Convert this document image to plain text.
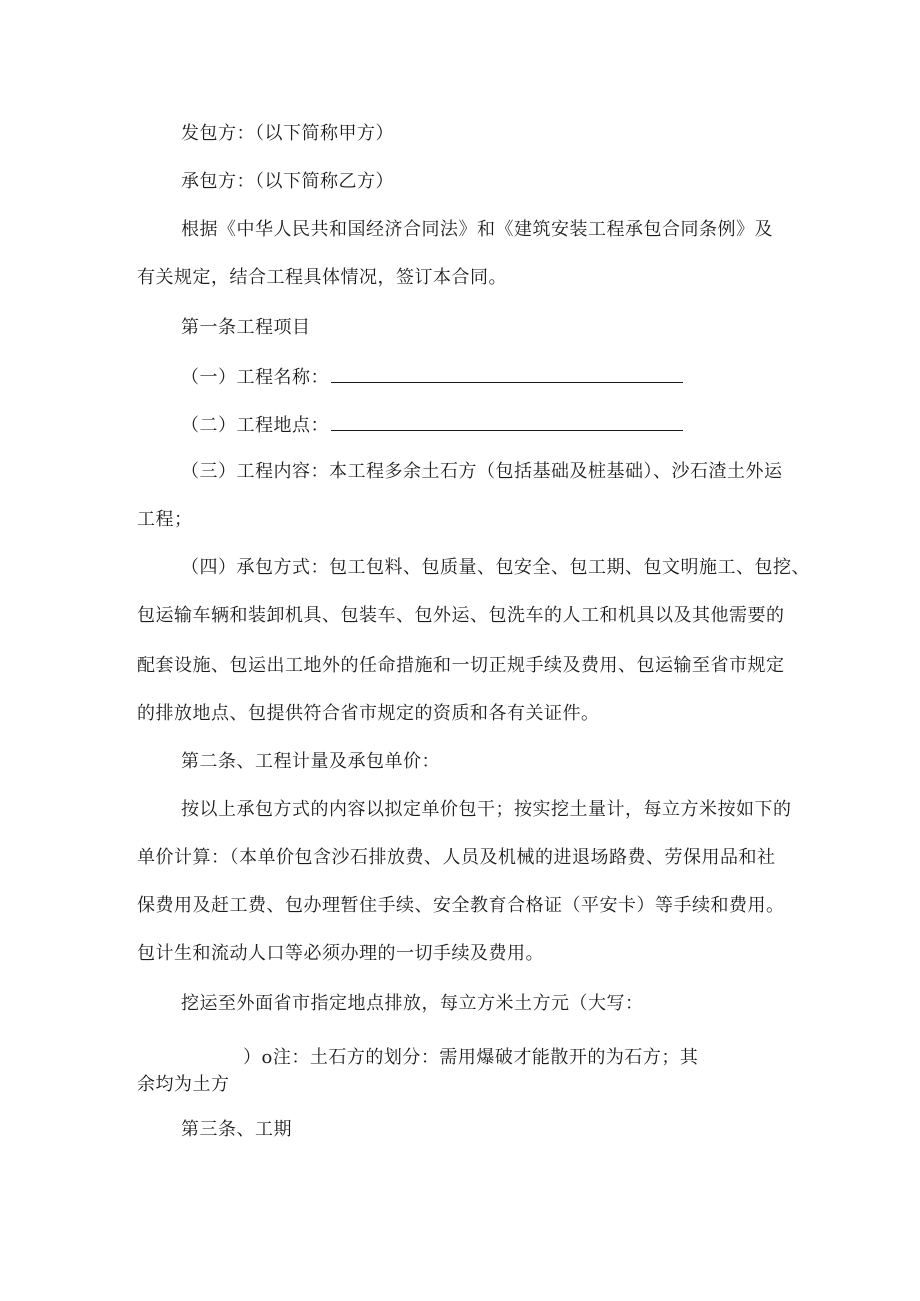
发包方：（以下简称甲方）
承包方：（以下简称乙方）
根据《中华人民共和国经济合同法》和《建筑安装工程承包合同条例》及
有关规定，结合工程具体情况，签订本合同。
第一条工程项目
（一）工程名称：
（二）工程地点：
（三）工程内容：本工程多余土石方（包括基础及桩基础）、沙石渣土外运
工程；
（四）承包方式：包工包料、包质量、包安全、包工期、包文明施工、包挖、
包运输车辆和装卸机具、包装车、包外运、包洗车的人工和机具以及其他需要的
配套设施、包运出工地外的任命措施和一切正规手续及费用、包运输至省市规定
的排放地点、包提供符合省市规定的资质和各有关证件。
第二条、工程计量及承包单价：
按以上承包方式的内容以拟定单价包干；按实挖土量计，每立方米按如下的
单价计算：（本单价包含沙石排放费、人员及机械的进退场路费、劳保用品和社
保费用及赶工费、包办理暂住手续、安全教育合格证（平安卡）等手续和费用。
包计生和流动人口等必须办理的一切手续及费用。
挖运至外面省市指定地点排放，每立方米土方元（大写：
）o注：土石方的划分：需用爆破才能散开的为石方；其
余均为土方
第三条、工期
